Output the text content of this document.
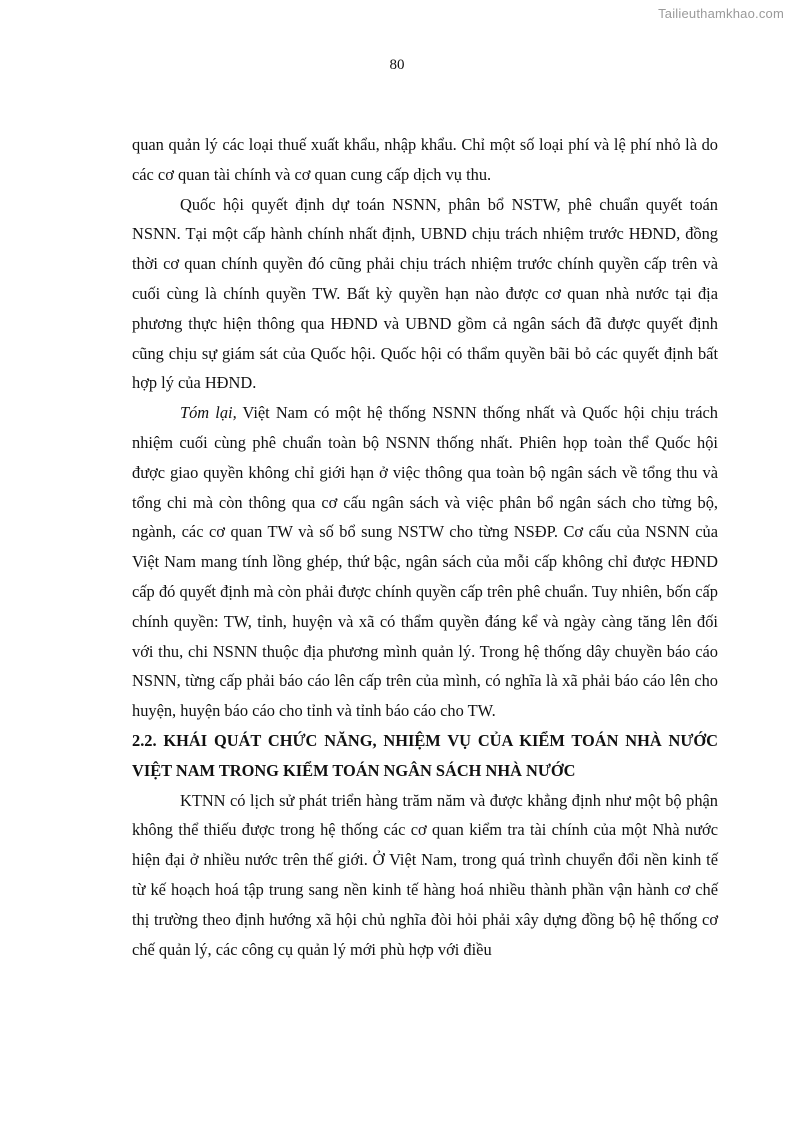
Tailieuthamkhao.com
80

quan quản lý các loại thuế xuất khẩu, nhập khẩu. Chỉ một số loại phí và lệ phí nhỏ là do các cơ quan tài chính và cơ quan cung cấp dịch vụ thu.

Quốc hội quyết định dự toán NSNN, phân bổ NSTW, phê chuẩn quyết toán NSNN. Tại một cấp hành chính nhất định, UBND chịu trách nhiệm trước HĐND, đồng thời cơ quan chính quyền đó cũng phải chịu trách nhiệm trước chính quyền cấp trên và cuối cùng là chính quyền TW. Bất kỳ quyền hạn nào được cơ quan nhà nước tại địa phương thực hiện thông qua HĐND và UBND gồm cả ngân sách đã được quyết định cũng chịu sự giám sát của Quốc hội. Quốc hội có thẩm quyền bãi bỏ các quyết định bất hợp lý của HĐND.

Tóm lại, Việt Nam có một hệ thống NSNN thống nhất và Quốc hội chịu trách nhiệm cuối cùng phê chuẩn toàn bộ NSNN thống nhất. Phiên họp toàn thể Quốc hội được giao quyền không chỉ giới hạn ở việc thông qua toàn bộ ngân sách về tổng thu và tổng chi mà còn thông qua cơ cấu ngân sách và việc phân bổ ngân sách cho từng bộ, ngành, các cơ quan TW và số bổ sung NSTW cho từng NSĐP. Cơ cấu của NSNN của Việt Nam mang tính lồng ghép, thứ bậc, ngân sách của mỗi cấp không chỉ được HĐND cấp đó quyết định mà còn phải được chính quyền cấp trên phê chuẩn. Tuy nhiên, bốn cấp chính quyền: TW, tỉnh, huyện và xã có thẩm quyền đáng kể và ngày càng tăng lên đối với thu, chi NSNN thuộc địa phương mình quản lý. Trong hệ thống dây chuyền báo cáo NSNN, từng cấp phải báo cáo lên cấp trên của mình, có nghĩa là xã phải báo cáo lên cho huyện, huyện báo cáo cho tỉnh và tỉnh báo cáo cho TW.

2.2. KHÁI QUÁT CHỨC NĂNG, NHIỆM VỤ CỦA KIỂM TOÁN NHÀ NƯỚC VIỆT NAM TRONG KIỂM TOÁN NGÂN SÁCH NHÀ NƯỚC

KTNN có lịch sử phát triển hàng trăm năm và được khẳng định như một bộ phận không thể thiếu được trong hệ thống các cơ quan kiểm tra tài chính của một Nhà nước hiện đại ở nhiều nước trên thế giới. Ở Việt Nam, trong quá trình chuyển đổi nền kinh tế từ kế hoạch hoá tập trung sang nền kinh tế hàng hoá nhiều thành phần vận hành cơ chế thị trường theo định hướng xã hội chủ nghĩa đòi hỏi phải xây dựng đồng bộ hệ thống cơ chế quản lý, các công cụ quản lý mới phù hợp với điều
